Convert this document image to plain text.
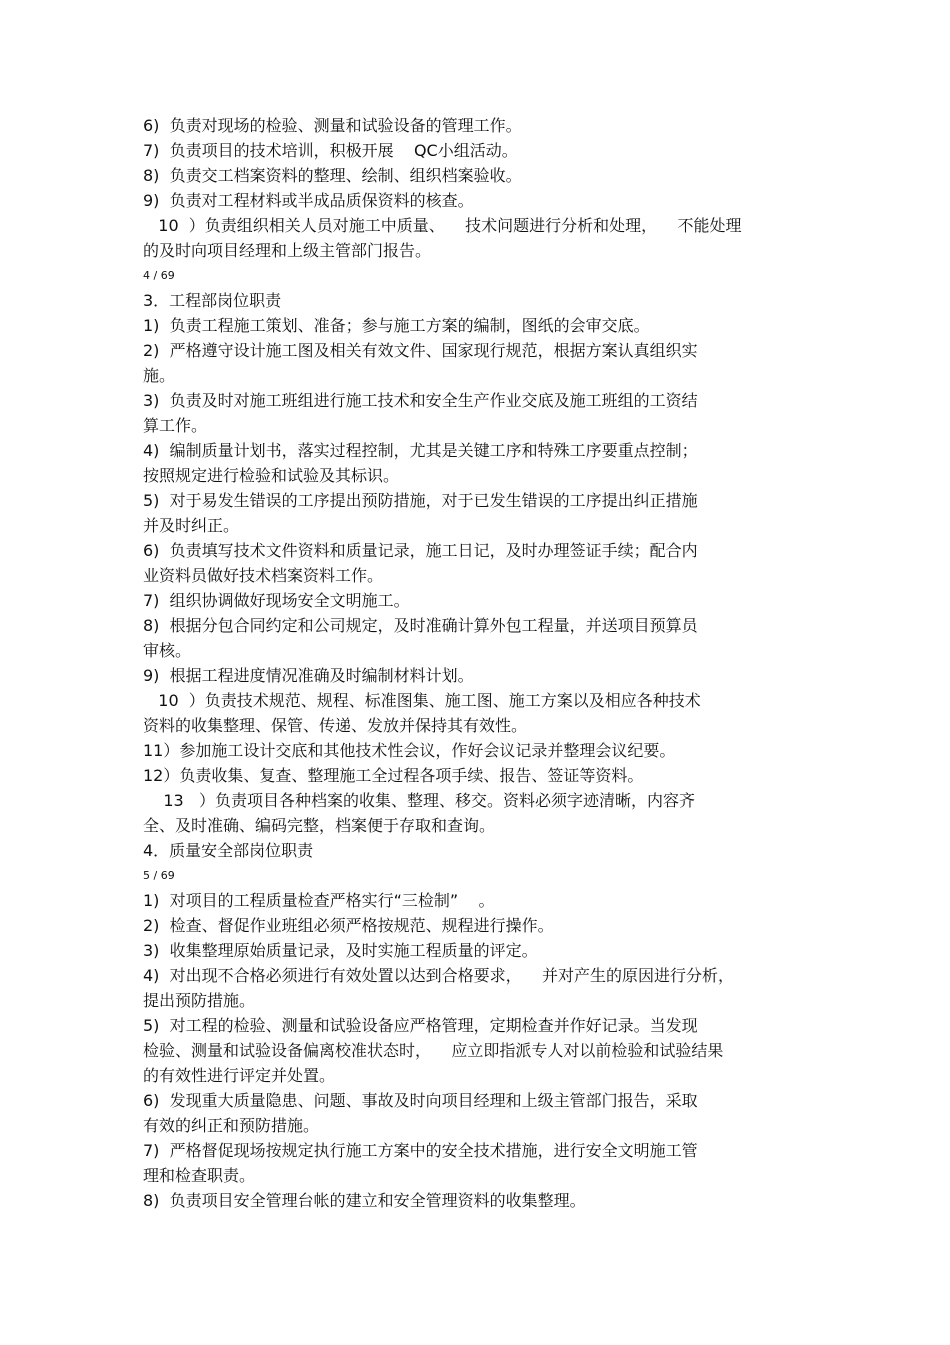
6)  负责对现场的检验、测量和试验设备的管理工作。
7)  负责项目的技术培训，积极开展    QC小组活动。
8)  负责交工档案资料的整理、绘制、组织档案验收。
9)  负责对工程材料或半成品质保资料的核查。
10  ）负责组织相关人员对施工中质量、    技术问题进行分析和处理，    不能处理
的及时向项目经理和上级主管部门报告。
4 / 69
3．工程部岗位职责
1)  负责工程施工策划、准备；参与施工方案的编制，图纸的会审交底。
2)  严格遵守设计施工图及相关有效文件、国家现行规范，根据方案认真组织实
施。
3)  负责及时对施工班组进行施工技术和安全生产作业交底及施工班组的工资结
算工作。
4)  编制质量计划书，落实过程控制，尤其是关键工序和特殊工序要重点控制；
按照规定进行检验和试验及其标识。
5)  对于易发生错误的工序提出预防措施，对于已发生错误的工序提出纠正措施
并及时纠正。
6)  负责填写技术文件资料和质量记录，施工日记，及时办理签证手续；配合内
业资料员做好技术档案资料工作。
7)  组织协调做好现场安全文明施工。
8)  根据分包合同约定和公司规定，及时准确计算外包工程量，并送项目预算员
审核。
9)  根据工程进度情况准确及时编制材料计划。
10  ）负责技术规范、规程、标准图集、施工图、施工方案以及相应各种技术
资料的收集整理、保管、传递、发放并保持其有效性。
11）参加施工设计交底和其他技术性会议，作好会议记录并整理会议纪要。
12）负责收集、复查、整理施工全过程各项手续、报告、签证等资料。
13   ）负责项目各种档案的收集、整理、移交。资料必须字迹清晰，内容齐
全、及时准确、编码完整，档案便于存取和查询。
4．质量安全部岗位职责
5 / 69
1)  对项目的工程质量检查严格实行“三检制”    。
2)  检查、督促作业班组必须严格按规范、规程进行操作。
3)  收集整理原始质量记录，及时实施工程质量的评定。
4)  对出现不合格必须进行有效处置以达到合格要求，    并对产生的原因进行分析，
提出预防措施。
5)  对工程的检验、测量和试验设备应严格管理，定期检查并作好记录。当发现
检验、测量和试验设备偏离校准状态时，    应立即指派专人对以前检验和试验结果
的有效性进行评定并处置。
6)  发现重大质量隐患、问题、事故及时向项目经理和上级主管部门报告，采取
有效的纠正和预防措施。
7)  严格督促现场按规定执行施工方案中的安全技术措施，进行安全文明施工管
理和检查职责。
8)  负责项目安全管理台帐的建立和安全管理资料的收集整理。
